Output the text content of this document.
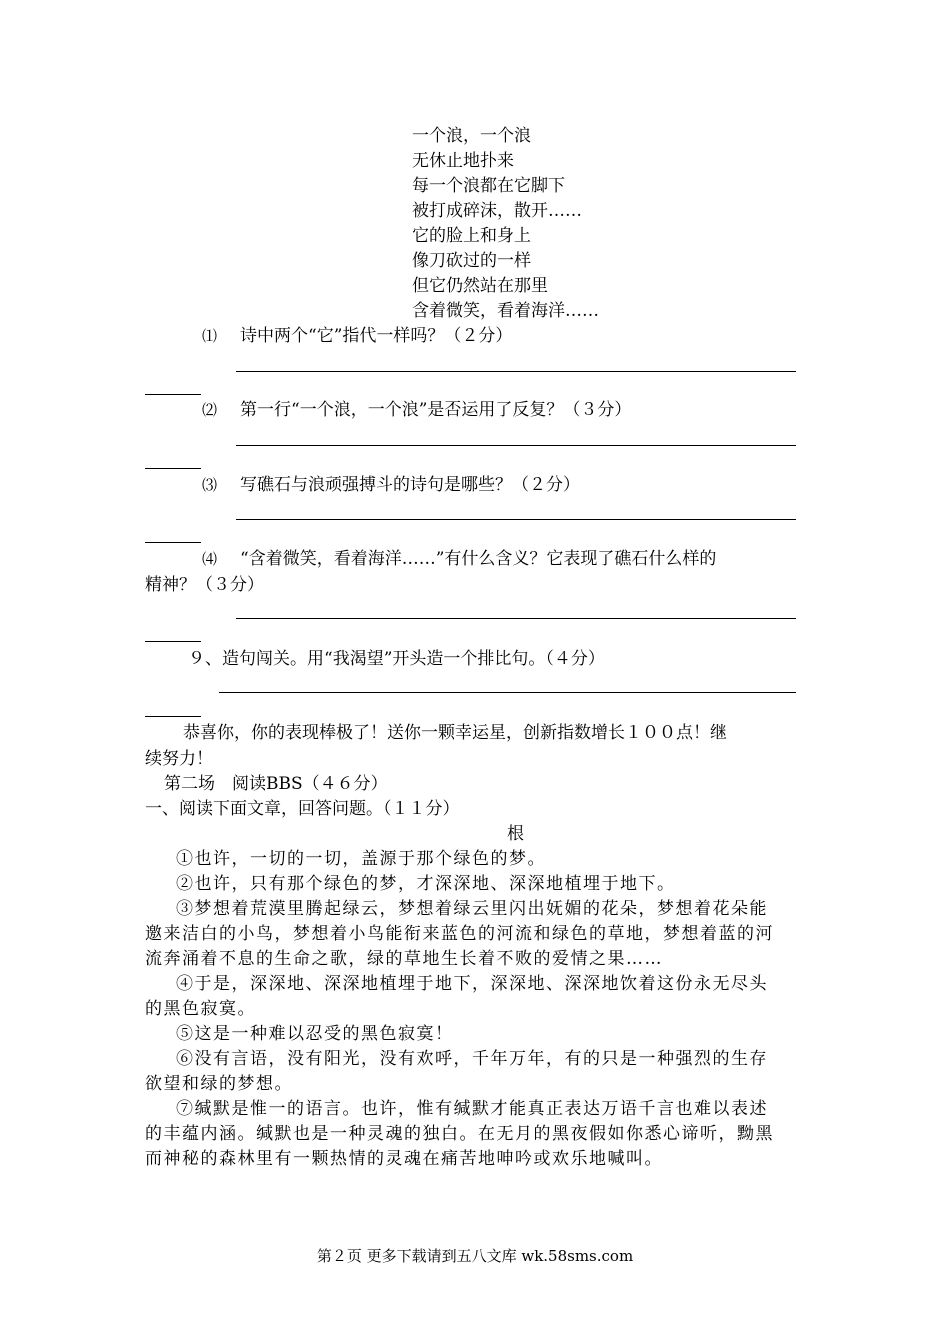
一个浪，一个浪
无休止地扑来
每一个浪都在它脚下
被打成碎沫，散开……
它的脸上和身上
像刀砍过的一样
但它仍然站在那里
含着微笑，看着海洋……
⑴ 诗中两个“它”指代一样吗？（２分）
⑵ 第一行“一个浪，一个浪”是否运用了反复？（３分）
⑶ 写礁石与浪顽强搏斗的诗句是哪些？（２分）
⑷ “含着微笑，看着海洋……”有什么含义？它表现了礁石什么样的
精神？（３分）
９、造句闯关。用“我渴望”开头造一个排比句。（４分）
恭喜你，你的表现棒极了！送你一颗幸运星，创新指数增长１００点！继
续努力！
第二场　阅读BBS（４６分）
一、阅读下面文章，回答问题。（１１分）
根
①也许，一切的一切，盖源于那个绿色的梦。
②也许，只有那个绿色的梦，才深深地、深深地植埋于地下。
③梦想着荒漠里腾起绿云，梦想着绿云里闪出妩媚的花朵，梦想着花朵能
邀来洁白的小鸟，梦想着小鸟能衔来蓝色的河流和绿色的草地，梦想着蓝的河
流奔涌着不息的生命之歌，绿的草地生长着不败的爱情之果……
④于是，深深地、深深地植埋于地下，深深地、深深地饮着这份永无尽头
的黑色寂寞。
⑤这是一种难以忍受的黑色寂寞！
⑥没有言语，没有阳光，没有欢呼，千年万年，有的只是一种强烈的生存
欲望和绿的梦想。
⑦缄默是惟一的语言。也许，惟有缄默才能真正表达万语千言也难以表述
的丰蕴内涵。缄默也是一种灵魂的独白。在无月的黑夜假如你悉心谛听，黝黑
而神秘的森林里有一颗热情的灵魂在痛苦地呻吟或欢乐地喊叫。
第２页 更多下载请到五八文库 wk.58sms.com
